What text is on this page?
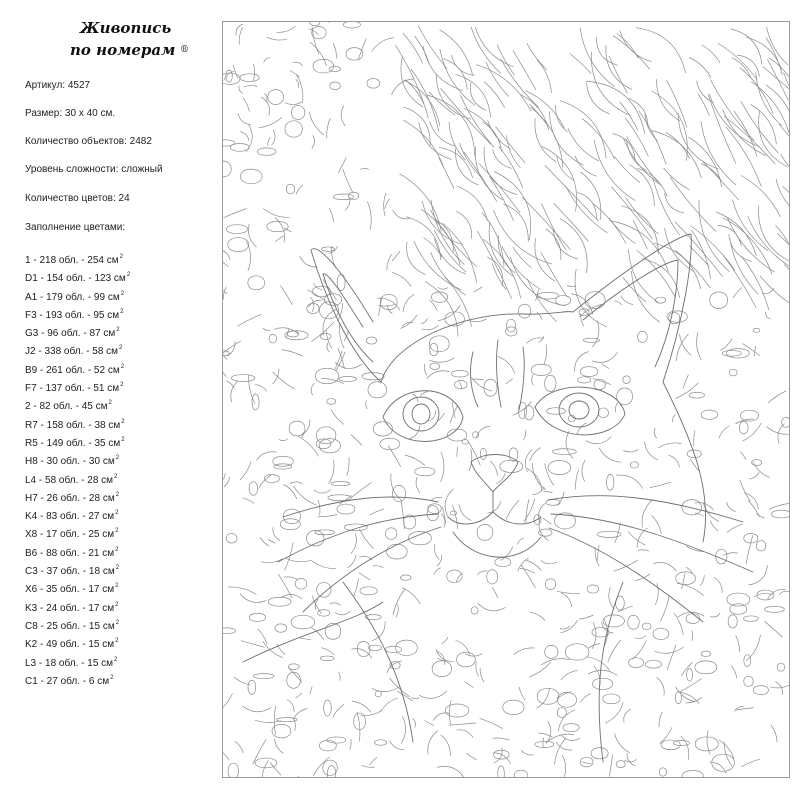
Живопись
по номерам ®
Артикул: 4527
Размер: 30 х 40 см.
Количество объектов: 2482
Уровень сложности: сложный
Количество цветов: 24
Заполнение цветами:
1 - 218 обл. - 254 $см^2$
D1 - 154 обл. - 123 $см^2$
A1 - 179 обл. - 99 $см^2$
F3 - 193 обл. - 95 $см^2$
G3 - 96 обл. - 87 $см^2$
J2 - 338 обл. - 58 $см^2$
B9 - 261 обл. - 52 $см^2$
F7 - 137 обл. - 51 $см^2$
2 - 82 обл. - 45 $см^2$
R7 - 158 обл. - 38 $см^2$
R5 - 149 обл. - 35 $см^2$
H8 - 30 обл. - 30 $см^2$
L4 - 58 обл. - 28 $см^2$
H7 - 26 обл. - 28 $см^2$
K4 - 83 обл. - 27 $см^2$
X8 - 17 обл. - 25 $см^2$
B6 - 88 обл. - 21 $см^2$
C3 - 37 обл. - 18 $см^2$
X6 - 35 обл. - 17 $см^2$
K3 - 24 обл. - 17 $см^2$
C8 - 25 обл. - 15 $см^2$
K2 - 49 обл. - 15 $см^2$
L3 - 18 обл. - 15 $см^2$
C1 - 27 обл. - 6 $см^2$
